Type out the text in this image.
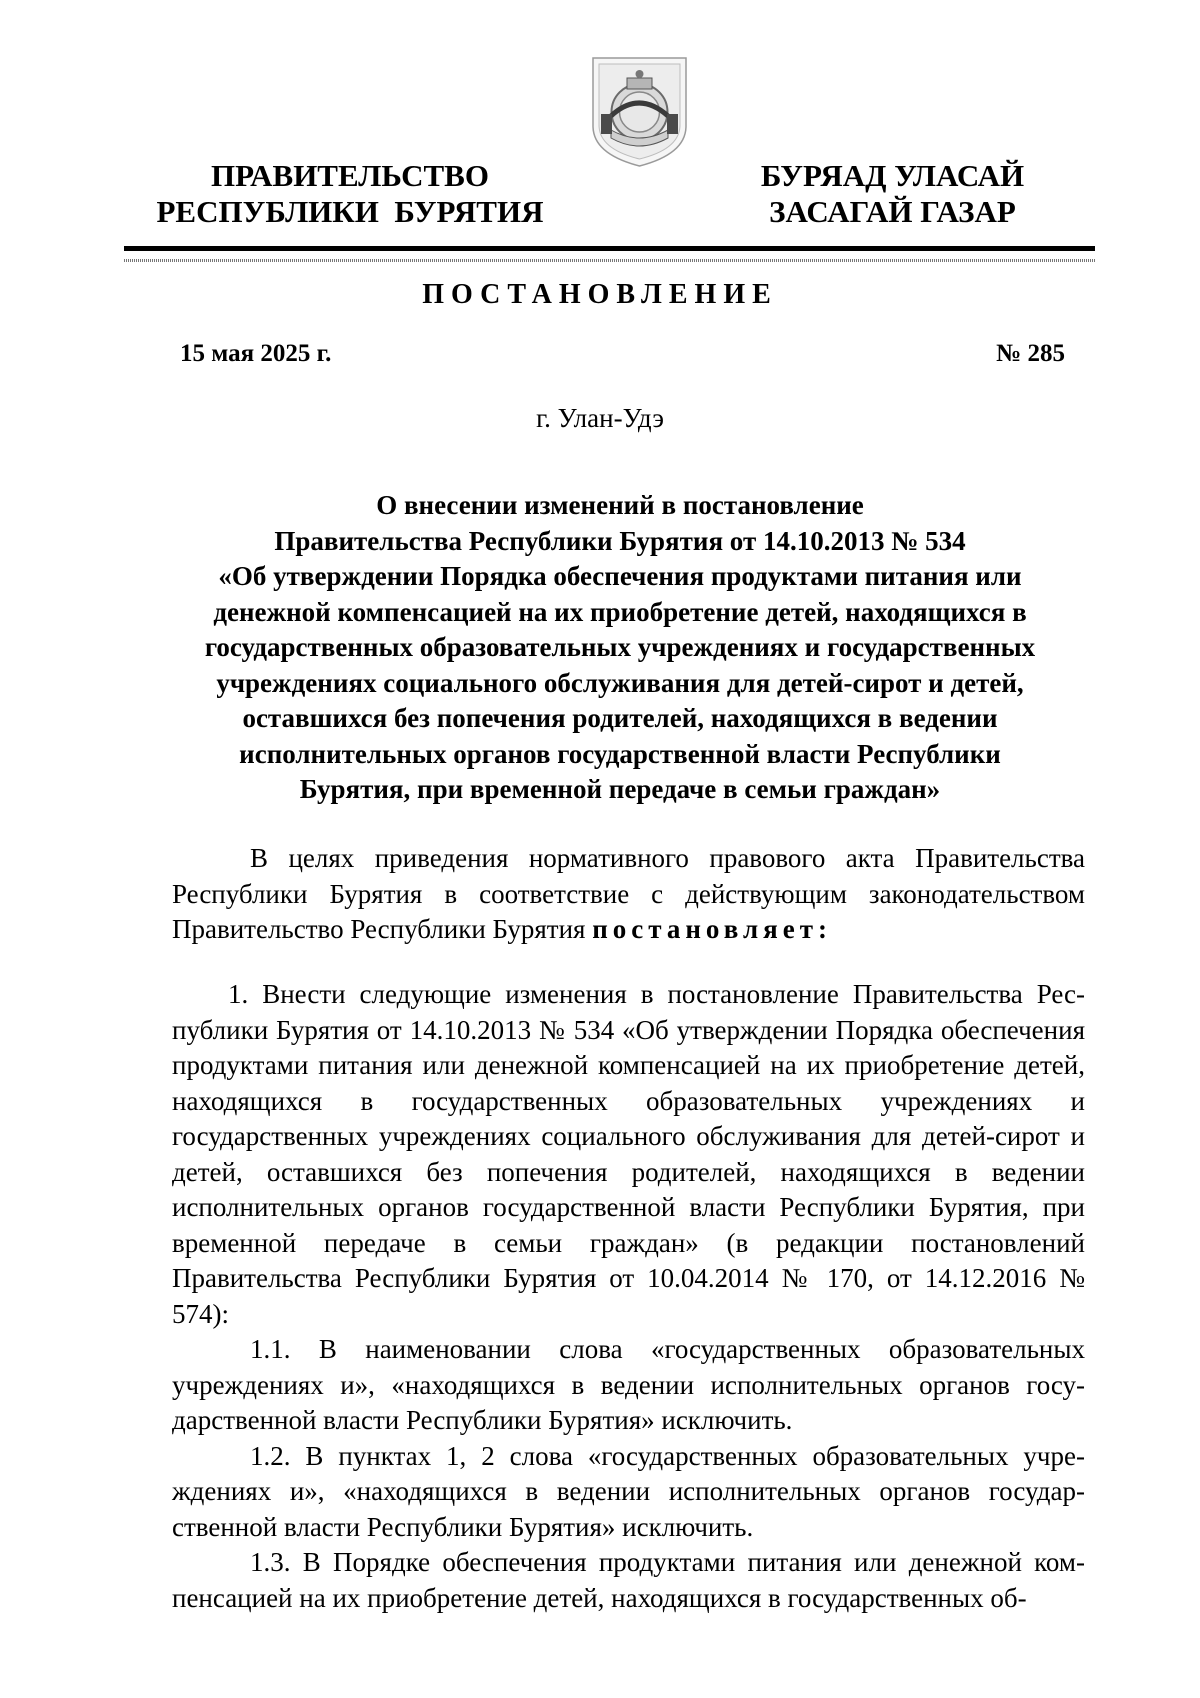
ПРАВИТЕЛЬСТВО
РЕСПУБЛИКИ  БУРЯТИЯ
БУРЯАД УЛАСАЙ
ЗАСАГАЙ ГАЗАР
ПОСТАНОВЛЕНИЕ
15 мая 2025 г.	№ 285
г. Улан-Удэ
О внесении изменений в постановление
Правительства Республики Бурятия от 14.10.2013 № 534
«Об утверждении Порядка обеспечения продуктами питания или
денежной компенсацией на их приобретение детей, находящихся в
государственных образовательных учреждениях и государственных
учреждениях социального обслуживания для детей-сирот и детей,
оставшихся без попечения родителей, находящихся в ведении
исполнительных органов государственной власти Республики
Бурятия, при временной передаче в семьи граждан»

В целях приведения нормативного правового акта Правительства Республики Бурятия в соответствие с действующим законодательством Правительство Республики Бурятия постановляет:

1. Внести следующие изменения в постановление Правительства Республики Бурятия от 14.10.2013 № 534 «Об утверждении Порядка обеспечения продуктами питания или денежной компенсацией на их приобретение детей, находящихся в государственных образовательных учреждениях и государственных учреждениях социального обслуживания для детей-сирот и детей, оставшихся без попечения родителей, находящихся в ведении исполнительных органов государственной власти Республики Бурятия, при временной передаче в семьи граждан» (в редакции постановлений Правительства Республики Бурятия от 10.04.2014 № 170, от 14.12.2016 № 574):

1.1. В наименовании слова «государственных образовательных учреждениях и», «находящихся в ведении исполнительных органов государственной власти Республики Бурятия» исключить.

1.2. В пунктах 1, 2 слова «государственных образовательных учреждениях и», «находящихся в ведении исполнительных органов государственной власти Республики Бурятия» исключить.

1.3. В Порядке обеспечения продуктами питания или денежной компенсацией на их приобретение детей, находящихся в государственных об-
